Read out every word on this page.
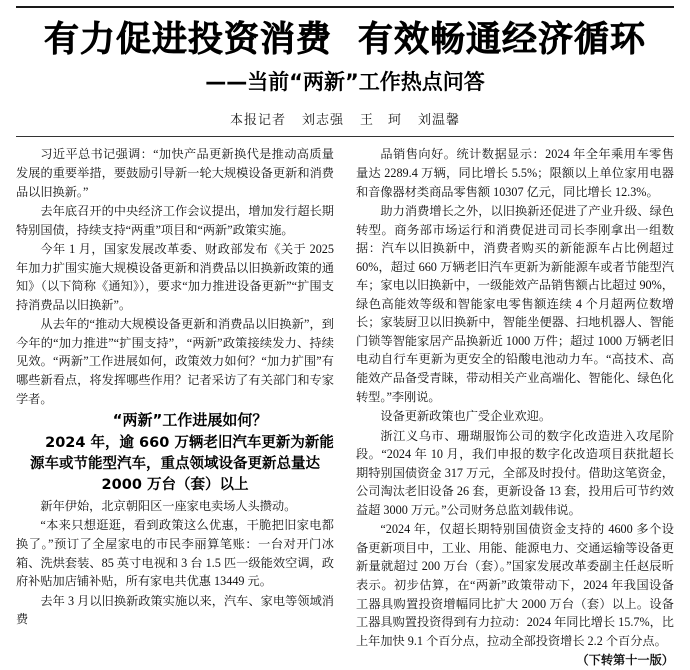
有力促进投资消费 有效畅通经济循环
——当前“两新”工作热点问答
本报记者 刘志强 王　珂 刘温馨

习近平总书记强调：“加快产品更新换代是推动高质量发展的重要举措，要鼓励引导新一轮大规模设备更新和消费品以旧换新。”

去年底召开的中央经济工作会议提出，增加发行超长期特别国债，持续支持“两重”项目和“两新”政策实施。

今年 1 月，国家发展改革委、财政部发布《关于 2025 年加力扩围实施大规模设备更新和消费品以旧换新政策的通知》（以下简称《通知》），要求“加力推进设备更新”“扩围支持消费品以旧换新”。

从去年的“推动大规模设备更新和消费品以旧换新”，到今年的“加力推进”“扩围支持”，“两新”政策接续发力、持续见效。“两新”工作进展如何，政策效力如何？“加力扩围”有哪些新看点，将发挥哪些作用？记者采访了有关部门和专家学者。

“两新”工作进展如何？

2024 年，逾 660 万辆老旧汽车更新为新能源车或节能型汽车，重点领域设备更新总量达 2000 万台（套）以上

新年伊始，北京朝阳区一座家电卖场人头攒动。

“本来只想逛逛，看到政策这么优惠，干脆把旧家电都换了。”预订了全屋家电的市民李丽算笔账：一台对开门冰箱、洗烘套装、85 英寸电视和 3 台 1.5 匹一级能效空调，政府补贴加店铺补贴，所有家电共优惠 13449 元。

去年 3 月以旧换新政策实施以来，汽车、家电等领域消费

品销售向好。统计数据显示：2024 年全年乘用车零售量达 2289.4 万辆，同比增长 5.5%；限额以上单位家用电器和音像器材类商品零售额 10307 亿元，同比增长 12.3%。

助力消费增长之外，以旧换新还促进了产业升级、绿色转型。商务部市场运行和消费促进司司长李刚拿出一组数据：汽车以旧换新中，消费者购买的新能源车占比例超过 60%，超过 660 万辆老旧汽车更新为新能源车或者节能型汽车；家电以旧换新中，一级能效产品销售额占比超过 90%，绿色高能效等级和智能家电零售额连续 4 个月超两位数增长；家装厨卫以旧换新中，智能坐便器、扫地机器人、智能门锁等智能家居产品换新近 1000 万件；超过 1000 万辆老旧电动自行车更新为更安全的铅酸电池动力车。“高技术、高能效产品备受青睐，带动相关产业高端化、智能化、绿色化转型。”李刚说。

设备更新政策也广受企业欢迎。

浙江义乌市、珊瑚服饰公司的数字化改造进入攻尾阶段。“2024 年 10 月，我们申报的数字化改造项目获批超长期特别国债资金 317 万元，全部及时投付。借助这笔资金，公司淘汰老旧设备 26 套，更新设备 13 套，投用后可节约效益超 3000 万元。”公司财务总监刘载伟说。

“2024 年，仅超长期特别国债资金支持的 4600 多个设备更新项目中，工业、用能、能源电力、交通运输等设备更新量就超过 200 万台（套）。”国家发展改革委副主任赵辰昕表示。初步估算，在“两新”政策带动下，2024 年我国设备工器具购置投资增幅同比扩大 2000 万台（套）以上。设备工器具购置投资得到有力拉动：2024 年同比增长 15.7%，比上年加快 9.1 个百分点，拉动全部投资增长 2.2 个百分点。

（下转第十一版）
